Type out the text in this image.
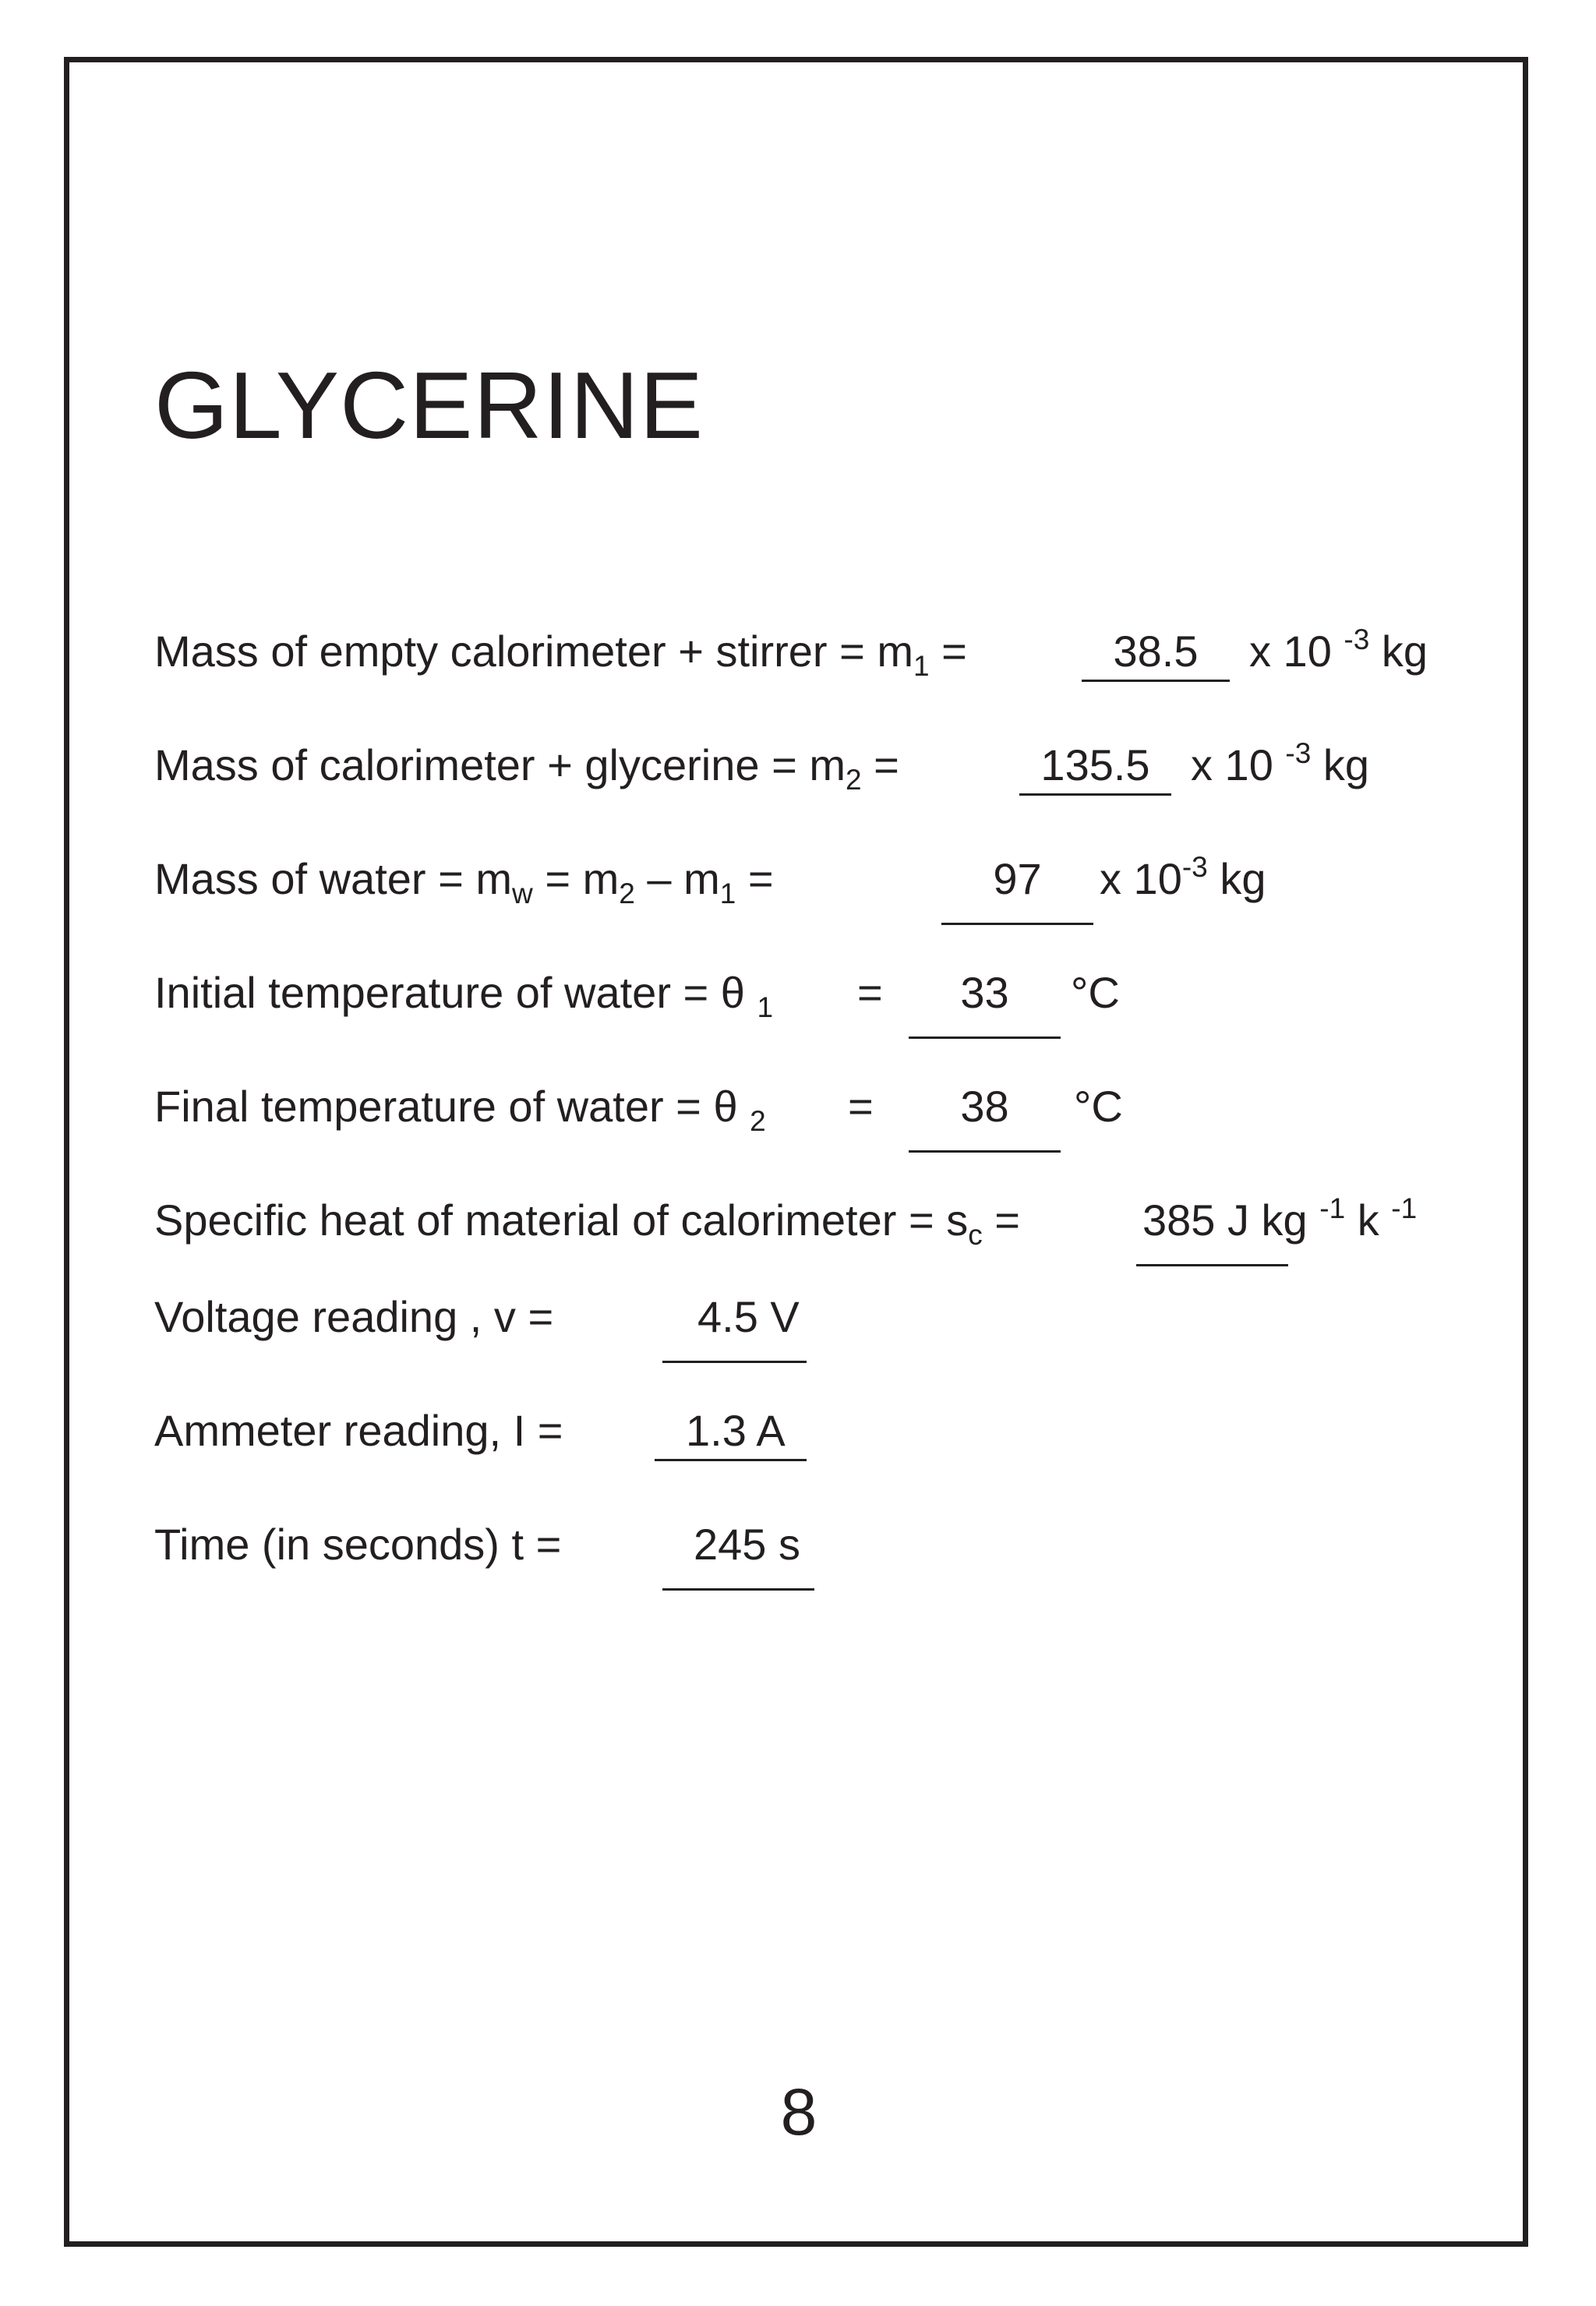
GLYCERINE
Mass of empty calorimeter + stirrer = $m_1$ =	38.5	x 10 $^{-3}$ kg
Mass of calorimeter + glycerine = $m_2$ =	135.5 x 10 $^{-3}$ kg
Mass of water = $m_w = m_2 - m_1$ =	97	x $10^{-3}$ kg
Initial temperature of water = θ $_1$ =	33	°C
Final temperature of water = θ $_2$ =	38	°C
Specific heat of material of calorimeter = $s_c$ =	385 J kg $^{-1}$ k $^{-1}$
Voltage reading , v =	4.5 V
Ammeter reading, I =	1.3 A
Time (in seconds) t =	245 s
8
